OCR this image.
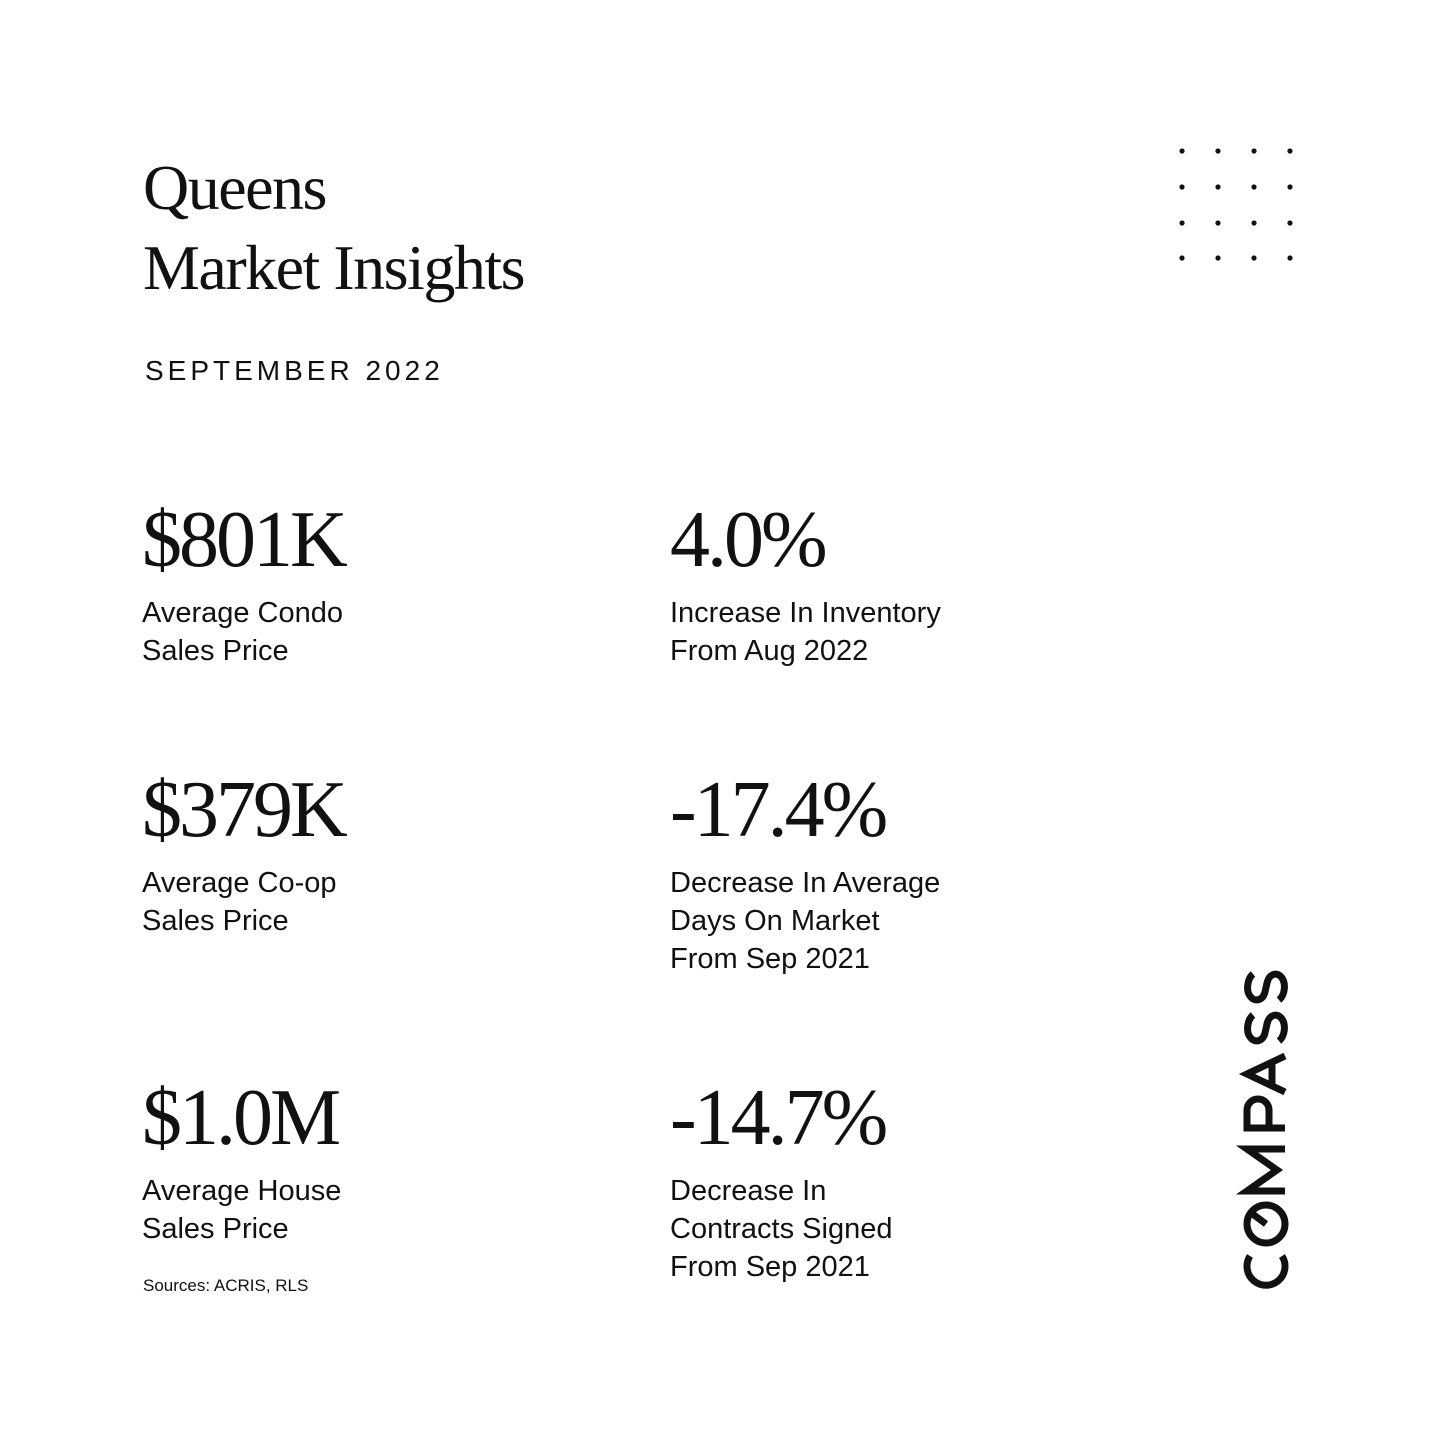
Queens
Market Insights
SEPTEMBER 2022
$801K
Average Condo
Sales Price
4.0%
Increase In Inventory
From Aug 2022
$379K
Average Co-op
Sales Price
-17.4%
Decrease In Average
Days On Market
From Sep 2021
$1.0M
Average House
Sales Price
-14.7%
Decrease In
Contracts Signed
From Sep 2021
Sources: ACRIS, RLS
